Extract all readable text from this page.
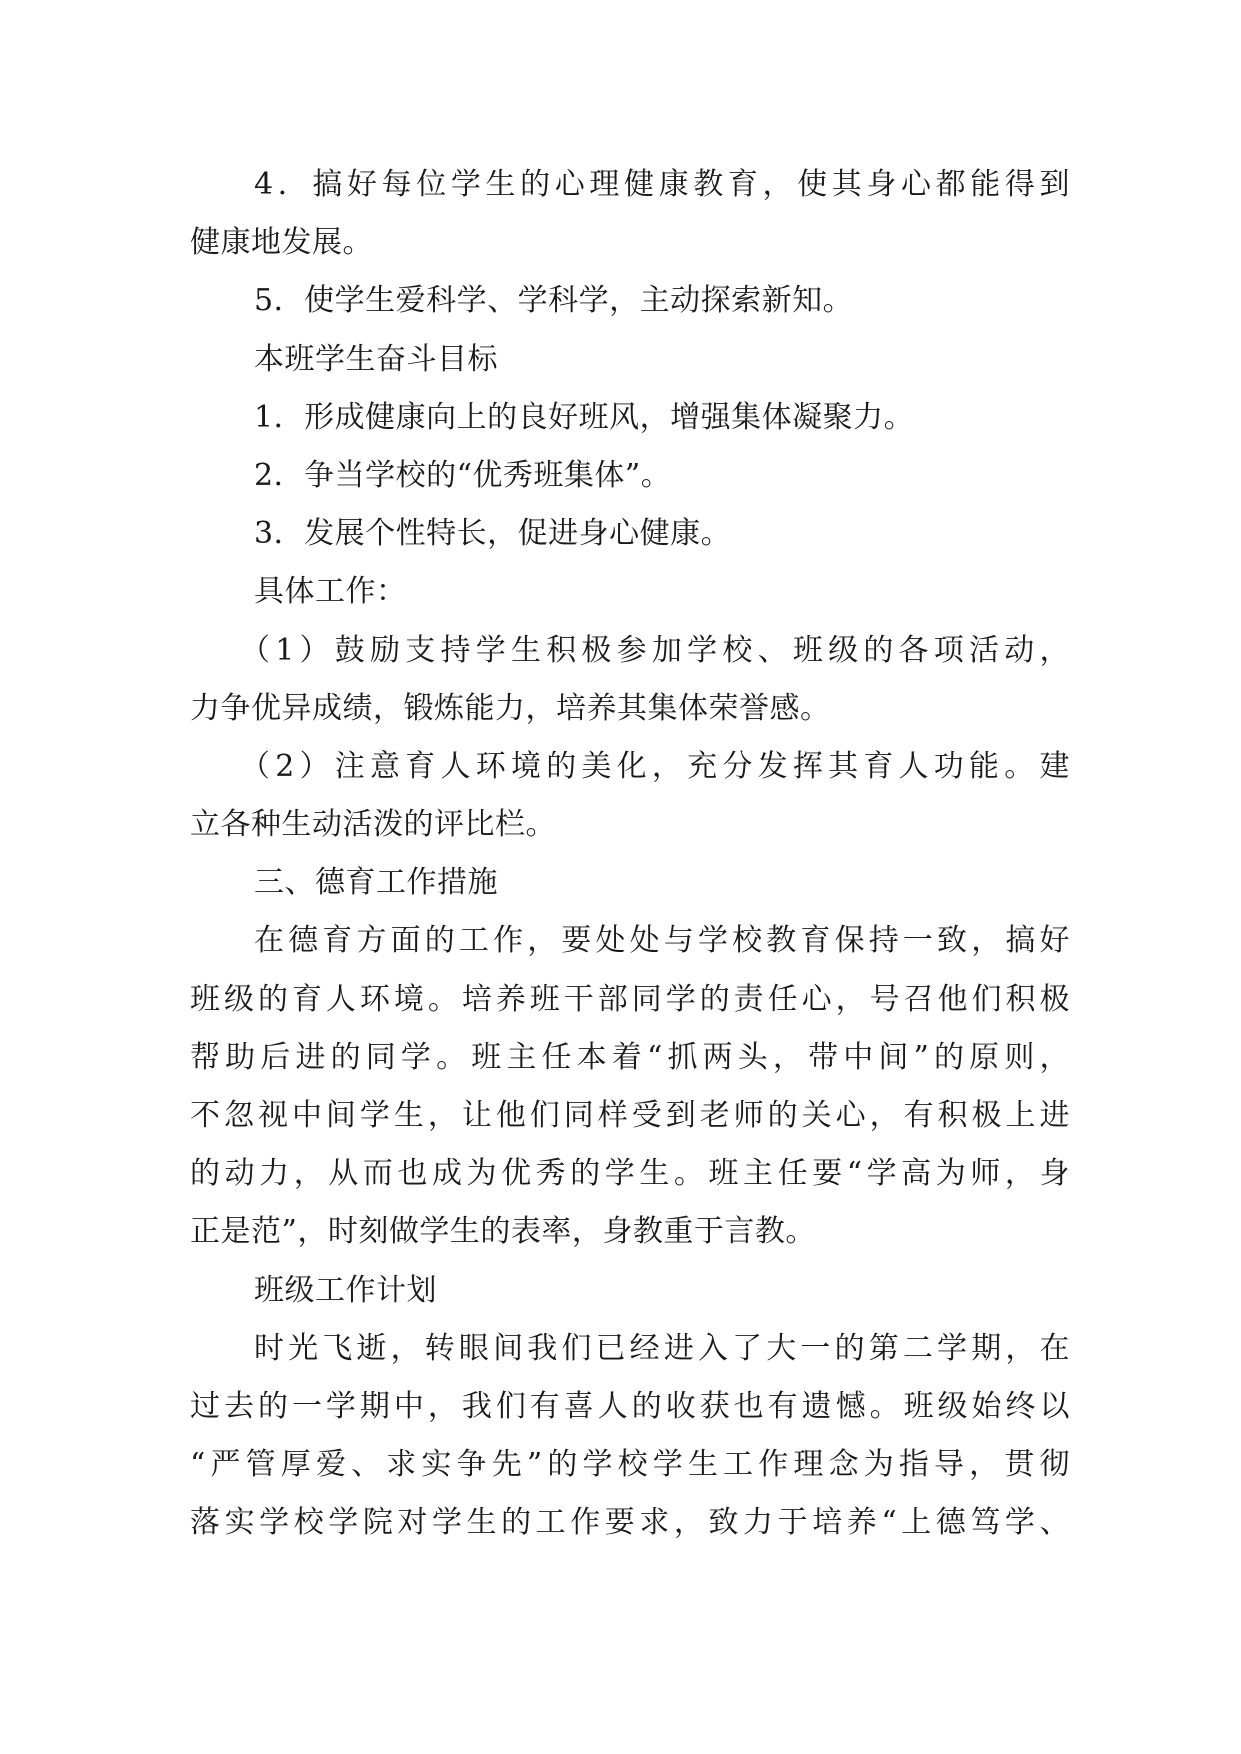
4．搞好每位学生的心理健康教育，使其身心都能得到
健康地发展。
5．使学生爱科学、学科学，主动探索新知。
本班学生奋斗目标
1．形成健康向上的良好班风，增强集体凝聚力。
2．争当学校的“优秀班集体”。
3．发展个性特长，促进身心健康。
具体工作：
（1）鼓励支持学生积极参加学校、班级的各项活动，
力争优异成绩，锻炼能力，培养其集体荣誉感。
（2）注意育人环境的美化，充分发挥其育人功能。建
立各种生动活泼的评比栏。
三、德育工作措施
在德育方面的工作，要处处与学校教育保持一致，搞好
班级的育人环境。培养班干部同学的责任心，号召他们积极
帮助后进的同学。班主任本着“抓两头，带中间”的原则，
不忽视中间学生，让他们同样受到老师的关心，有积极上进
的动力，从而也成为优秀的学生。班主任要“学高为师，身
正是范”，时刻做学生的表率，身教重于言教。
班级工作计划
时光飞逝，转眼间我们已经进入了大一的第二学期，在
过去的一学期中，我们有喜人的收获也有遗憾。班级始终以
“严管厚爱、求实争先”的学校学生工作理念为指导，贯彻
落实学校学院对学生的工作要求，致力于培养“上德笃学、
